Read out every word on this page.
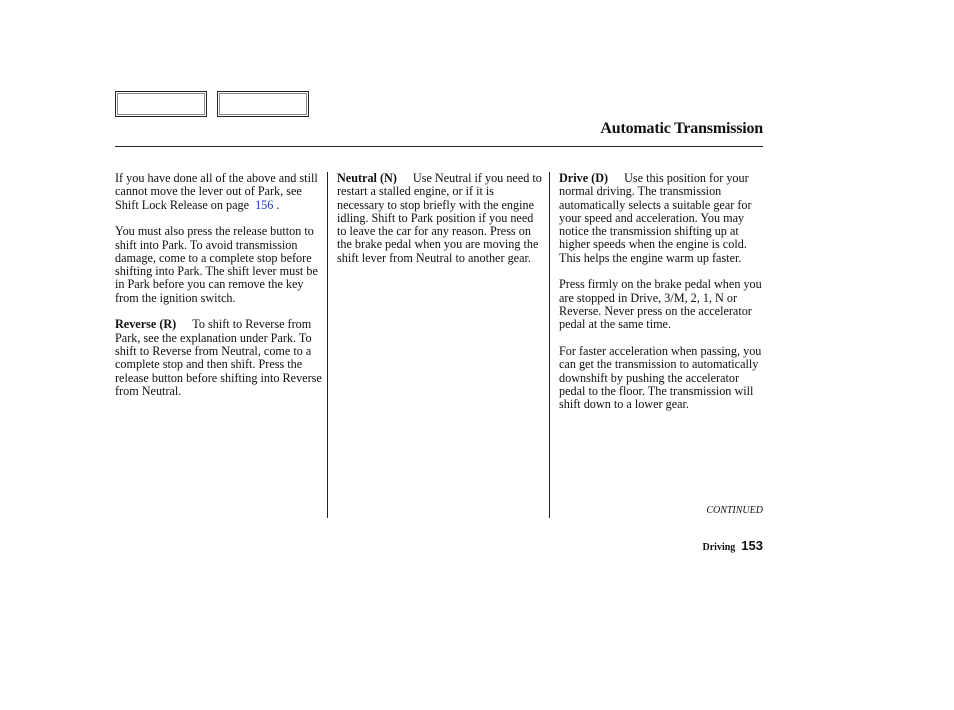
Automatic Transmission

If you have done all of the above and still cannot move the lever out of Park, see Shift Lock Release on page 156 .

You must also press the release button to shift into Park. To avoid transmission damage, come to a complete stop before shifting into Park. The shift lever must be in Park before you can remove the key from the ignition switch.

Reverse (R) To shift to Reverse from Park, see the explanation under Park. To shift to Reverse from Neutral, come to a complete stop and then shift. Press the release button before shifting into Reverse from Neutral.

Neutral (N) Use Neutral if you need to restart a stalled engine, or if it is necessary to stop briefly with the engine idling. Shift to Park position if you need to leave the car for any reason. Press on the brake pedal when you are moving the shift lever from Neutral to another gear.

Drive (D) Use this position for your normal driving. The transmission automatically selects a suitable gear for your speed and acceleration. You may notice the transmission shifting up at higher speeds when the engine is cold. This helps the engine warm up faster.

Press firmly on the brake pedal when you are stopped in Drive, 3/M, 2, 1, N or Reverse. Never press on the accelerator pedal at the same time.

For faster acceleration when passing, you can get the transmission to automatically downshift by pushing the accelerator pedal to the floor. The transmission will shift down to a lower gear.

CONTINUED
Driving 153
